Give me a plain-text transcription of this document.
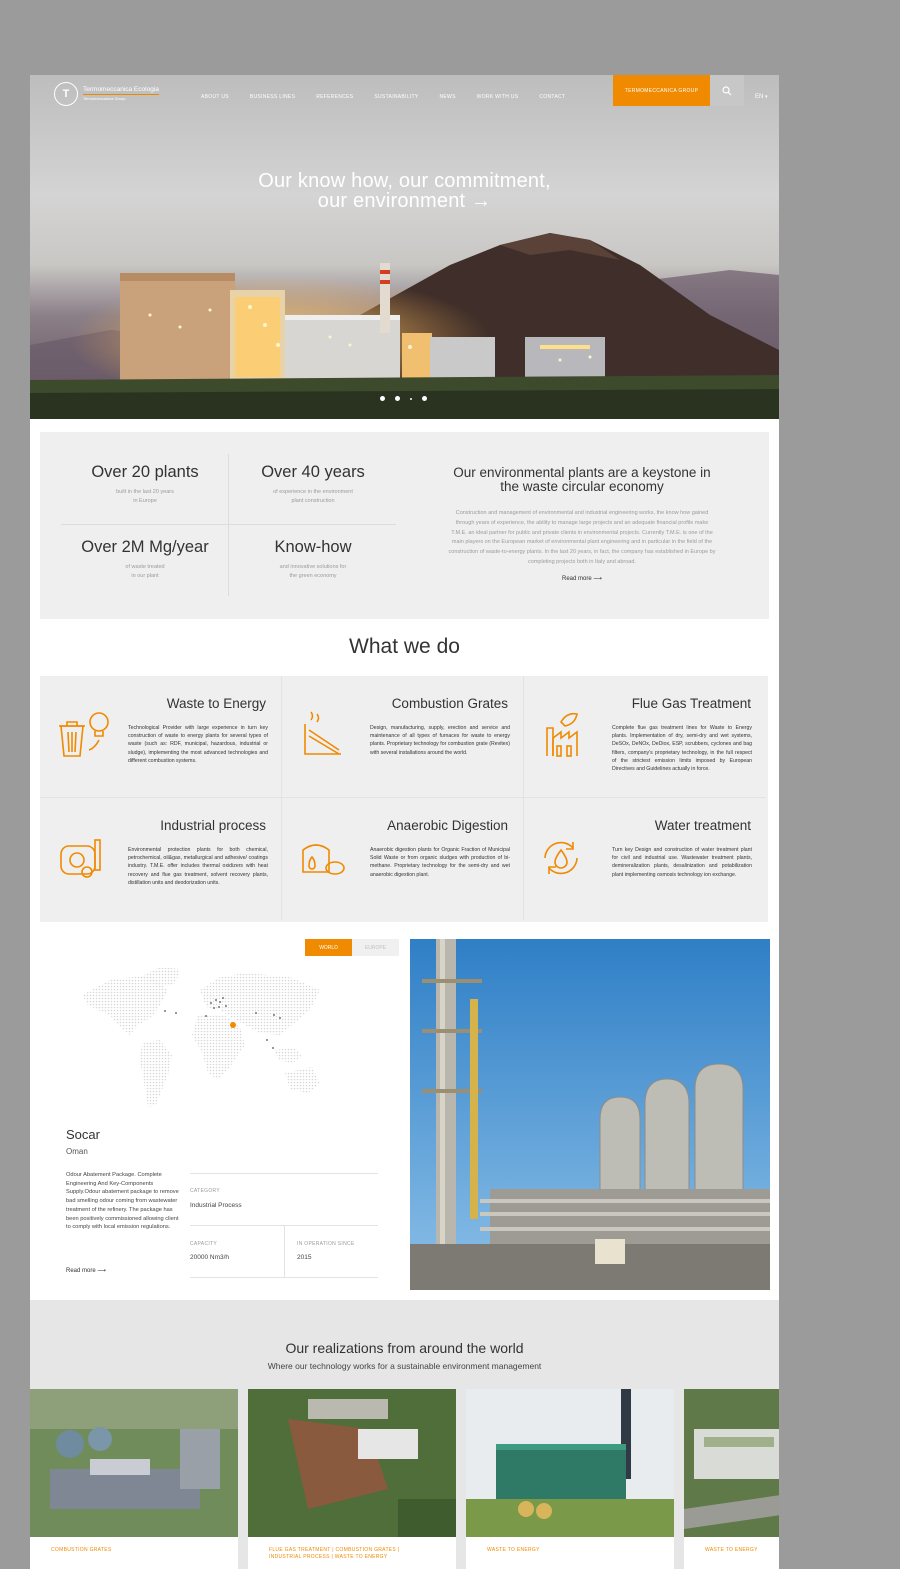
T Termomeccanica Ecologia
Termomeccanica Group	ABOUT US	BUSINESS LINES	REFERENCES	SUSTAINABILITY	NEWS	WORK WITH US	CONTACT
TERMOMECCANICA GROUP
EN
▾
Our know how, our commitment,
our environment →
Over 20 plants
built in the last 20 years
in Europe
Over 40 years
of experience in the environment
plant construction
Over 2M Mg/year
of waste treated
in our plant
Know-how
and innovative solutions for
the green economy
Our environmental plants are a keystone in
the waste circular economy
Construction and management of environmental and industrial engineering works, the know how gained through years of experience, the ability to manage large projects and an adequate financial profile make T.M.E. an ideal partner for public and private clients in environmental projects. Currently T.M.E. is one of the main players on the European market of environmental plant engineering and in particular in the field of the construction of waste-to-energy plants. In the last 20 years, in fact, the company has established in Europe by completing projects both in Italy and abroad.
Read more ⟶
What we do
Waste to Energy
Technological Provider with large experience in turn key construction of waste to energy plants for several types of waste (such as: RDF, municipal, hazardous, industrial or sludge), implementing the most advanced technologies and different combustion systems.
Combustion Grates
Design, manufacturing, supply, erection and service and maintenance of all types of furnaces for waste to energy plants. Proprietary technology for combustion grate (Revitex) with several installations around the world.
Flue Gas Treatment
Complete flue gas treatment lines for Waste to Energy plants. Implementation of dry, semi-dry and wet systems, DeSOx, DeNOx, DeDiox, ESP, scrubbers, cyclones and bag filters, company's proprietary technology, in the full respect of the strictest emission limits imposed by European Directives and Guidelines actually in force.
Industrial process
Environmental protection plants for both chemical, petrochemical, oil&gas, metallurgical and adhesive/ coatings industry. T.M.E. offer includes thermal oxidizers with heat recovery and flue gas treatment, solvent recovery plants, distillation units and deodorization units.
Anaerobic Digestion
Anaerobic digestion plants for Organic Fraction of Municipal Solid Waste or from organic sludges with production of bi-methane. Proprietary technology for the semi-dry and wet anaerobic digestion plant.
Water treatment
Turn key Design and construction of water treatment plant for civil and industrial use. Wastewater treatment plants, demineralization plants, desalinization and potabilization plant implementing osmosis technology ion exchange.
WORLD	EUROPE
Socar
Oman
Odour Abatement Package. Complete Engineering And Key-Components Supply.Odour abatement package to remove bad smelling odour coming from wastewater treatment of the refinery. The package has been positively commissioned allowing client to comply with local emission regulations.
Read more ⟶
CATEGORY
Industrial Process
CAPACITY
20000 Nm3/h
IN OPERATION SINCE
2015
Our realizations from around the world
Where our technology works for a sustainable environment management
COMBUSTION GRATES	FLUE GAS TREATMENT | COMBUSTION GRATES |
INDUSTRIAL PROCESS | WASTE TO ENERGY
WASTE TO ENERGY	WASTE TO ENERGY
